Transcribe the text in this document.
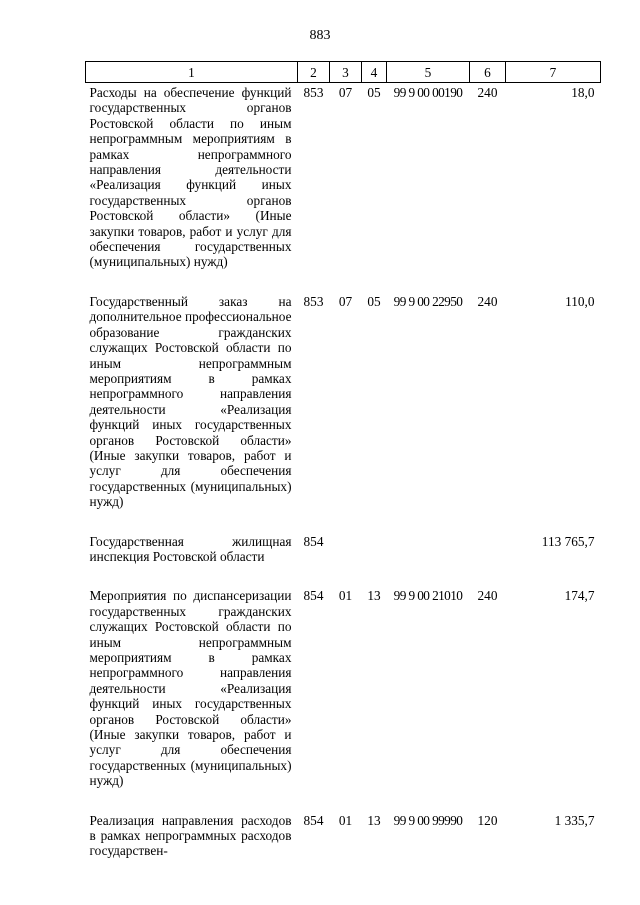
883
1	2	3	4	5	6	7
Расходы на обеспечение функций государственных органов Ростовской области по иным непрограммным мероприятиям в рамках непрограммного направления деятельности «Реализация функций иных государственных органов Ростовской области» (Иные закупки товаров, работ и услуг для обеспечения государственных (муниципальных) нужд)	853	07	05	99 9 00 00190	240	18,0
Государственный заказ на дополнительное профессиональное образование гражданских служащих Ростовской области по иным непрограммным мероприятиям в рамках непрограммного направления деятельности «Реализация функций иных государственных органов Ростовской области» (Иные закупки товаров, работ и услуг для обеспечения государственных (муниципальных) нужд)	853	07	05	99 9 00 22950	240	110,0
Государственная жилищная инспекция Ростовской области	854					113 765,7
Мероприятия по диспансеризации государственных гражданских служащих Ростовской области по иным непрограммным мероприятиям в рамках непрограммного направления деятельности «Реализация функций иных государственных органов Ростовской области» (Иные закупки товаров, работ и услуг для обеспечения государственных (муниципальных) нужд)	854	01	13	99 9 00 21010	240	174,7
Реализация направления расходов в рамках непрограммных расходов государствен-	854	01	13	99 9 00 99990	120	1 335,7
